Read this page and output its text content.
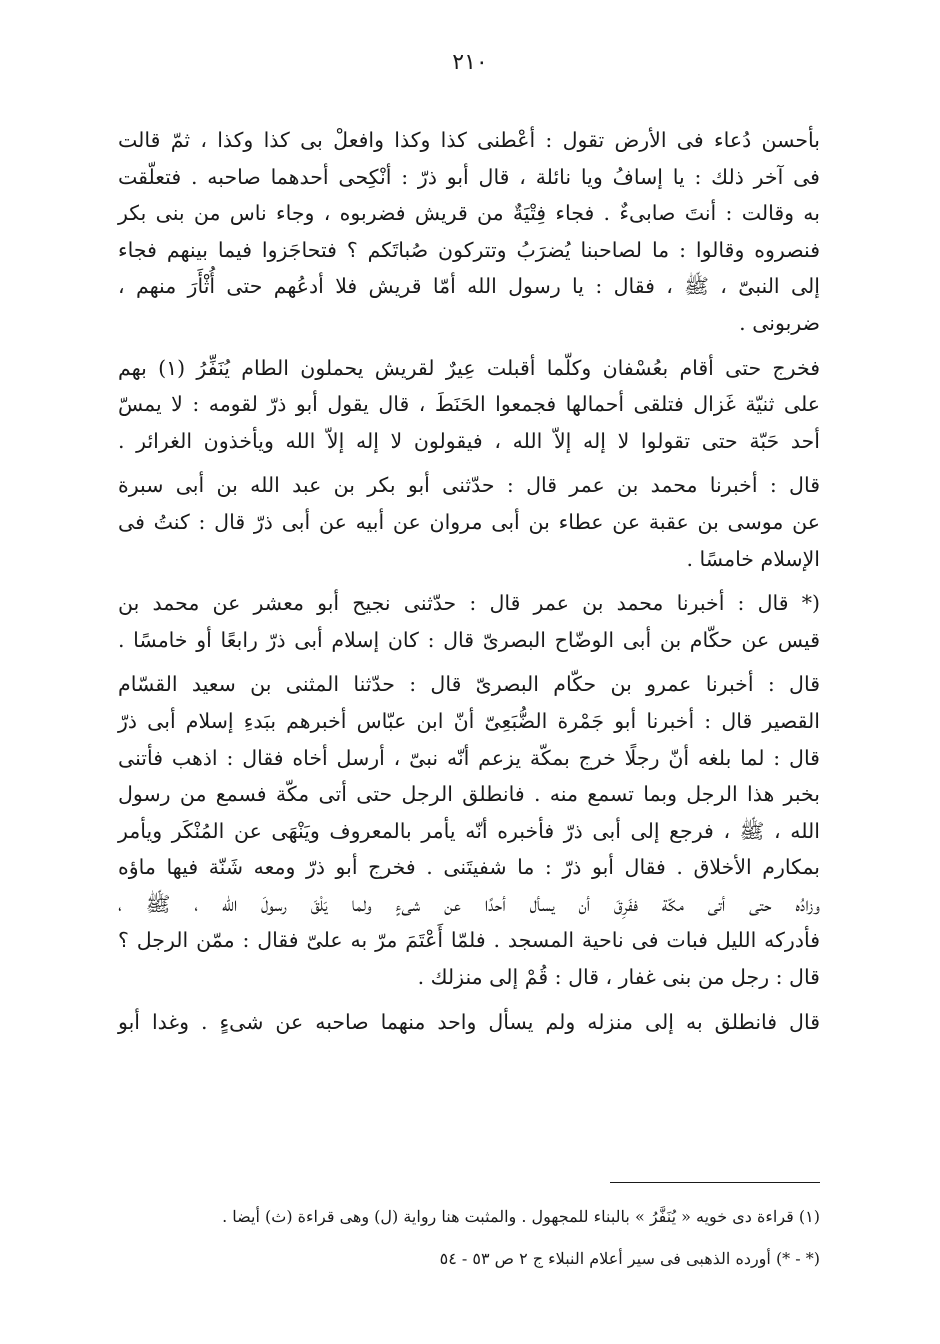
٢١٠
بأحسن دُعاء فى الأرض تقول : أعْطنى كذا وكذا وافعلْ بى كذا وكذا ، ثمّ قالت
فى آخر ذلك : يا إسافُ ويا نائلة ، قال أبو ذرّ : أنْكِحى أحدهما صاحبه . فتعلّقت
به وقالت : أنتَ صابىءٌ . فجاء فِتْيَةٌ من قريش فضربوه ، وجاء ناس من بنى بكر
فنصروه وقالوا : ما لصاحبنا يُضرَبُ وتتركون صُباتَكم ؟ فتحاجَزوا فيما بينهم فجاء
إلى النبىّ ، ﷺ ، فقال : يا رسول الله أمّا قريش فلا أدعُهم حتى أُثْأَرَ منهم ،
ضربونى .
فخرج حتى أقام بعُسْفان وكلّما أقبلت عِيرٌ لقريش يحملون الطام يُنَفِّرُ (١) بهم
على ثنيّة غَزال فتلقى أحمالها فجمعوا الحَنَطَ ، قال يقول أبو ذرّ لقومه : لا يمسّ
أحد حَبّة حتى تقولوا لا إله إلاّ الله ، فيقولون لا إله إلاّ الله ويأخذون الغرائر .
قال : أخبرنا محمد بن عمر قال : حدّثنى أبو بكر بن عبد الله بن أبى سبرة
عن موسى بن عقبة عن عطاء بن أبى مروان عن أبيه عن أبى ذرّ قال : كنتُ فى
الإسلام خامسًا .
(* قال : أخبرنا محمد بن عمر قال : حدّثنى نجيح أبو معشر عن محمد بن
قيس عن حكّام بن أبى الوضّاح البصرىّ قال : كان إسلام أبى ذرّ رابعًا أو خامسًا .
قال : أخبرنا عمرو بن حكّام البصرىّ قال : حدّثنا المثنى بن سعيد القسّام
القصير قال : أخبرنا أبو جَمْرة الضُّبَعِىّ أنّ ابن عبّاس أخبرهم ببَدءِ إسلام أبى ذرّ
قال : لما بلغه أنّ رجلًا خرج بمكّة يزعم أنّه نبىّ ، أرسل أخاه فقال : اذهب فأتنى
بخبر هذا الرجل وبما تسمع منه . فانطلق الرجل حتى أتى مكّة فسمع من رسول
الله ، ﷺ ، فرجع إلى أبى ذرّ فأخبره أنّه يأمر بالمعروف ويَنْهَى عن المُنْكَر ويأمر
بمكارم الأخلاق . فقال أبو ذرّ : ما شفيتَنى . فخرج أبو ذرّ ومعه شَنّة فيها ماؤه
وزادُه حتى أتى مكّة ففَرِقَ أن يسأل أحدًا عن شىءٍ ولما يَلْقَ رسولَ الله ، ﷺ ،
فأدركه الليل فبات فى ناحية المسجد . فلمّا أَعْتَمَ مرّ به علىّ فقال : ممّن الرجل ؟
قال : رجل من بنى غفار ، قال : قُمْ إلى منزلك .
قال فانطلق به إلى منزله ولم يسأل واحد منهما صاحبه عن شىءٍ . وغدا أبو
(١) قراءة دى خويه « يُنَفَّرُ » بالبناء للمجهول . والمثبت هنا رواية (ل) وهى قراءة (ث) أيضا .
(* - *) أورده الذهبى فى سير أعلام النبلاء ج ٢ ص ٥٣ - ٥٤
